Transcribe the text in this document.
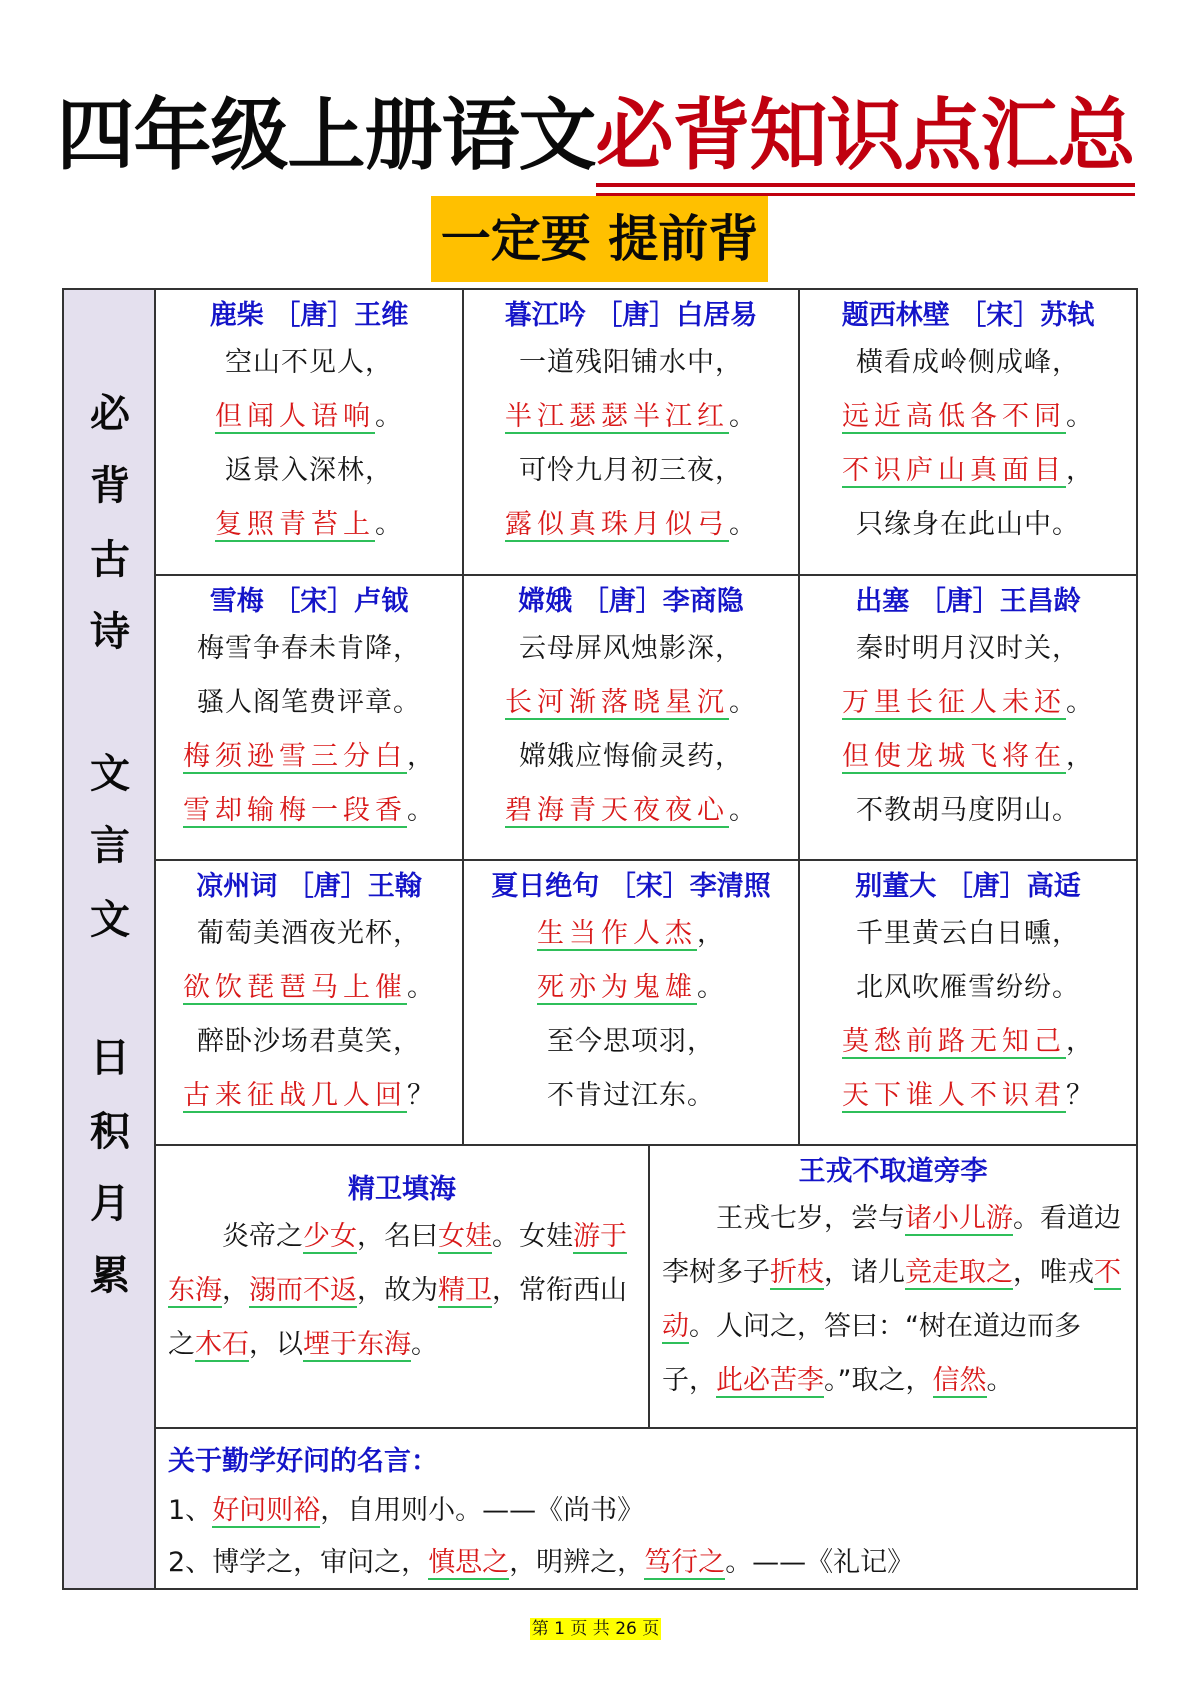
四年级上册语文必背知识点汇总
一定要 提前背
必
背
古
诗
文
言
文
日
积
月
累
鹿柴 ［唐］王维
空山不见人，
但闻人语响。
返景入深林，
复照青苔上。
暮江吟 ［唐］白居易
一道残阳铺水中，
半江瑟瑟半江红。
可怜九月初三夜，
露似真珠月似弓。
题西林壁 ［宋］苏轼
横看成岭侧成峰，
远近高低各不同。
不识庐山真面目，
只缘身在此山中。
雪梅 ［宋］卢钺
梅雪争春未肯降，
骚人阁笔费评章。
梅须逊雪三分白，
雪却输梅一段香。
嫦娥 ［唐］李商隐
云母屏风烛影深，
长河渐落晓星沉。
嫦娥应悔偷灵药，
碧海青天夜夜心。
出塞 ［唐］王昌龄
秦时明月汉时关，
万里长征人未还。
但使龙城飞将在，
不教胡马度阴山。
凉州词 ［唐］王翰
葡萄美酒夜光杯，
欲饮琵琶马上催。
醉卧沙场君莫笑，
古来征战几人回？
夏日绝句 ［宋］李清照
生当作人杰，
死亦为鬼雄。
至今思项羽，
不肯过江东。
别董大 ［唐］高适
千里黄云白日曛，
北风吹雁雪纷纷。
莫愁前路无知己，
天下谁人不识君？
精卫填海
炎帝之少女，名曰女娃。女娃游于东海，溺而不返，故为精卫，常衔西山之木石，以堙于东海。
王戎不取道旁李
王戎七岁，尝与诸小儿游。看道边李树多子折枝，诸儿竞走取之，唯戎不动。人问之，答曰：“树在道边而多子，此必苦李。”取之，信然。
关于勤学好问的名言：
1、好问则裕，自用则小。——《尚书》
2、博学之，审问之，慎思之，明辨之，笃行之。——《礼记》
第 1 页 共 26 页
